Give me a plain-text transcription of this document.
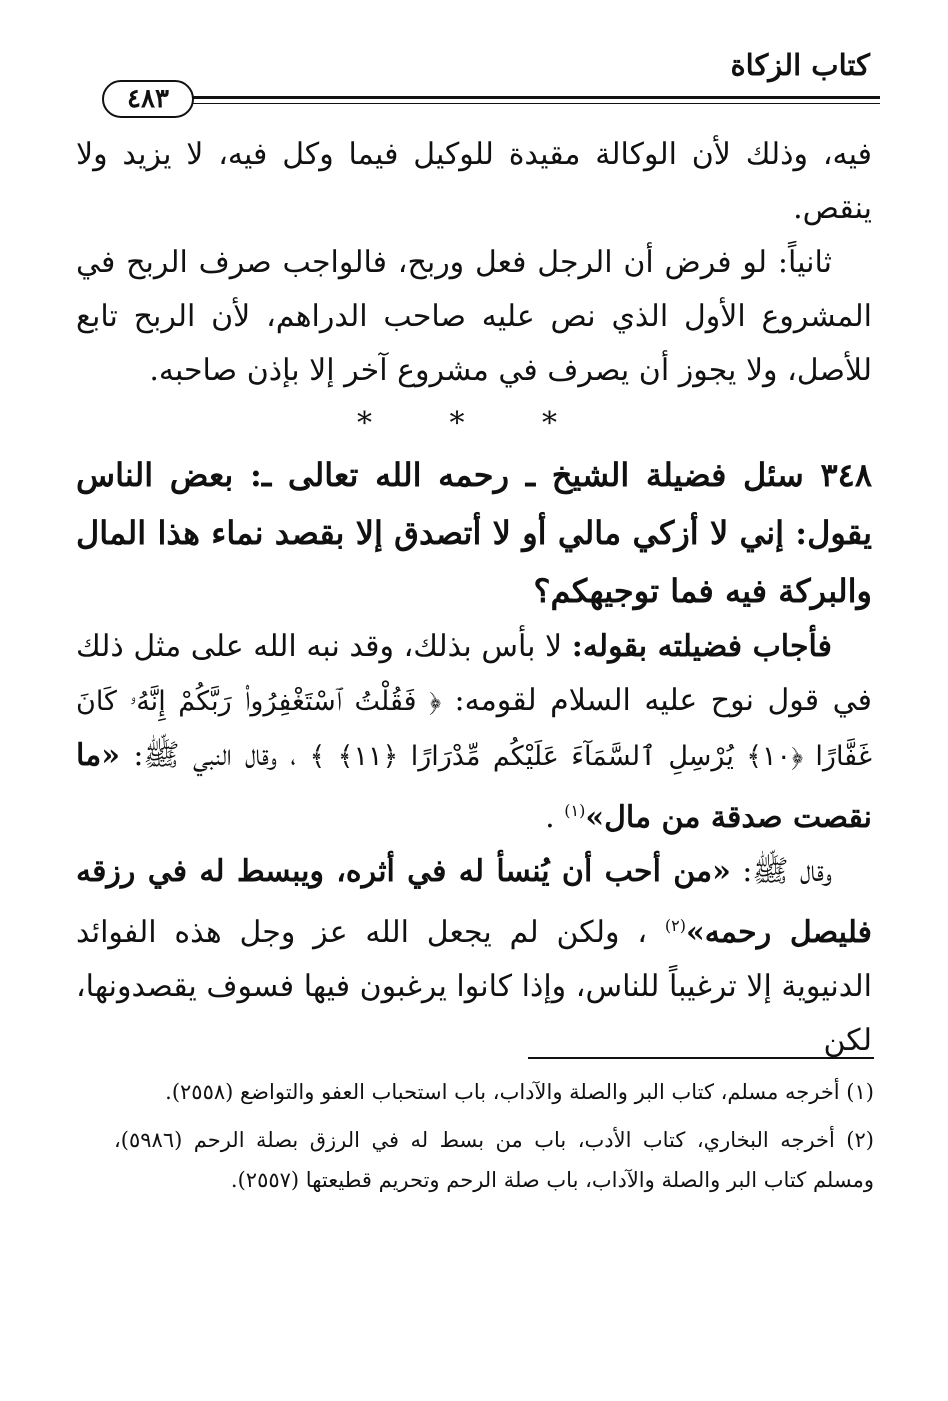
كتاب الزكاة
٤٨٣

فيه، وذلك لأن الوكالة مقيدة للوكيل فيما وكل فيه، لا يزيد ولا ينقص.

ثانياً: لو فرض أن الرجل فعل وربح، فالواجب صرف الربح في المشروع الأول الذي نص عليه صاحب الدراهم، لأن الربح تابع للأصل، ولا يجوز أن يصرف في مشروع آخر إلا بإذن صاحبه.

* * *

٣٤٨ سئل فضيلة الشيخ ـ رحمه الله تعالى ـ: بعض الناس يقول: إني لا أزكي مالي أو لا أتصدق إلا بقصد نماء هذا المال والبركة فيه فما توجيهكم؟

فأجاب فضيلته بقوله: لا بأس بذلك، وقد نبه الله على مثل ذلك في قول نوح عليه السلام لقومه: ﴿ فَقُلْتُ ٱسْتَغْفِرُوا۟ رَبَّكُمْ إِنَّهُۥ كَانَ غَفَّارًا ﴿١٠﴾ يُرْسِلِ ٱلسَّمَآءَ عَلَيْكُم مِّدْرَارًا ﴿١١﴾ ﴾ ، وقال النبي ﷺ: «ما نقصت صدقة من مال»$^{(١)}$ .

وقال ﷺ: «من أحب أن يُنسأ له في أثره، ويبسط له في رزقه فليصل رحمه»$^{(٢)}$ ، ولكن لم يجعل الله عز وجل هذه الفوائد الدنيوية إلا ترغيباً للناس، وإذا كانوا يرغبون فيها فسوف يقصدونها، لكن

(١) أخرجه مسلم، كتاب البر والصلة والآداب، باب استحباب العفو والتواضع (٢٥٥٨).

(٢) أخرجه البخاري، كتاب الأدب، باب من بسط له في الرزق بصلة الرحم (٥٩٨٦)، ومسلم كتاب البر والصلة والآداب، باب صلة الرحم وتحريم قطيعتها (٢٥٥٧).
